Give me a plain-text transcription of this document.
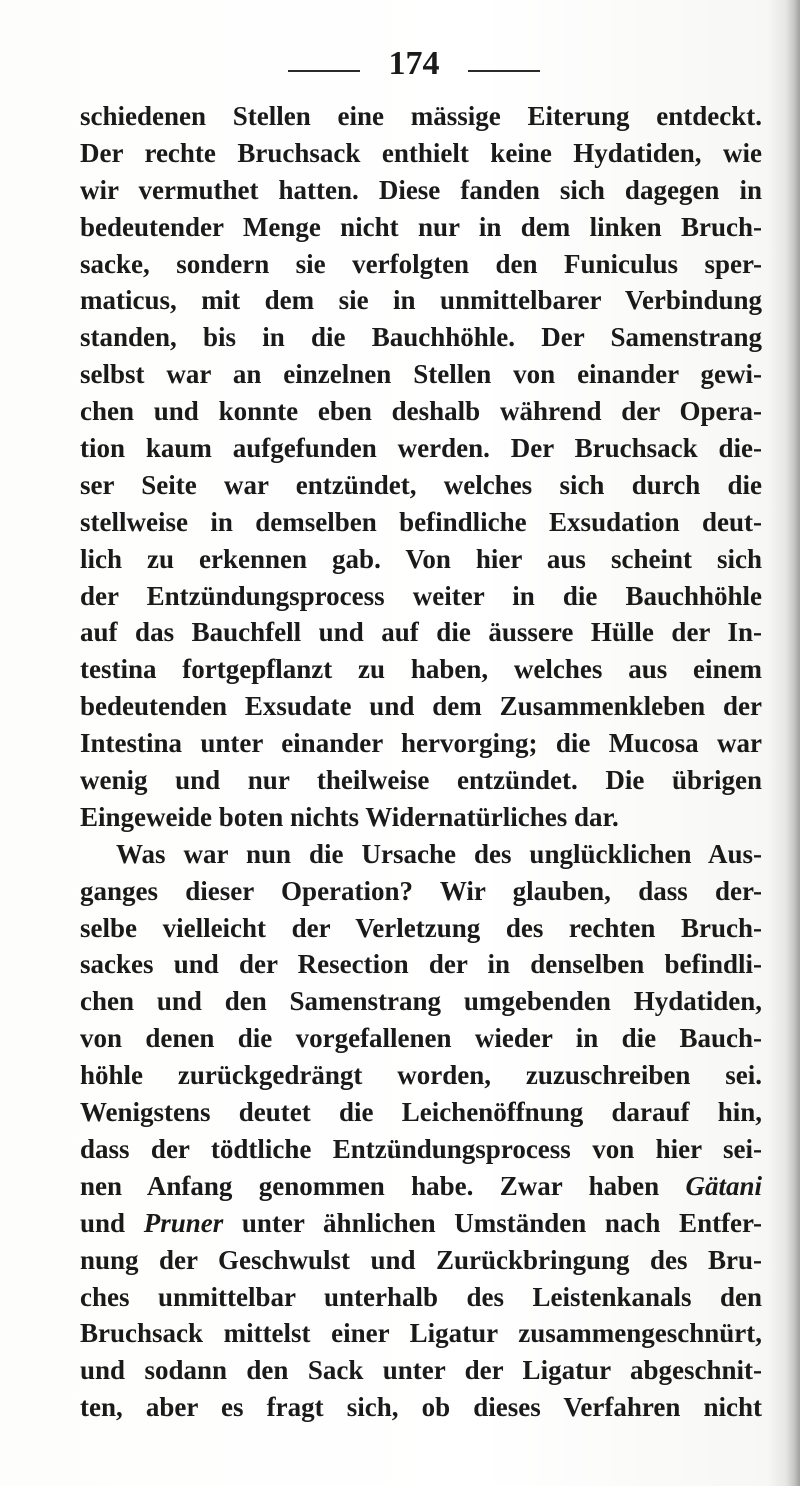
174
schiedenen Stellen eine mässige Eiterung entdeckt.
Der rechte Bruchsack enthielt keine Hydatiden, wie
wir vermuthet hatten. Diese fanden sich dagegen in
bedeutender Menge nicht nur in dem linken Bruch-
sacke, sondern sie verfolgten den Funiculus sper-
maticus, mit dem sie in unmittelbarer Verbindung
standen, bis in die Bauchhöhle. Der Samenstrang
selbst war an einzelnen Stellen von einander gewi-
chen und konnte eben deshalb während der Opera-
tion kaum aufgefunden werden. Der Bruchsack die-
ser Seite war entzündet, welches sich durch die
stellweise in demselben befindliche Exsudation deut-
lich zu erkennen gab. Von hier aus scheint sich
der Entzündungsprocess weiter in die Bauchhöhle
auf das Bauchfell und auf die äussere Hülle der In-
testina fortgepflanzt zu haben, welches aus einem
bedeutenden Exsudate und dem Zusammenkleben der
Intestina unter einander hervorging; die Mucosa war
wenig und nur theilweise entzündet. Die übrigen
Eingeweide boten nichts Widernatürliches dar.
Was war nun die Ursache des unglücklichen Aus-
ganges dieser Operation? Wir glauben, dass der-
selbe vielleicht der Verletzung des rechten Bruch-
sackes und der Resection der in denselben befindli-
chen und den Samenstrang umgebenden Hydatiden,
von denen die vorgefallenen wieder in die Bauch-
höhle zurückgedrängt worden, zuzuschreiben sei.
Wenigstens deutet die Leichenöffnung darauf hin,
dass der tödtliche Entzündungsprocess von hier sei-
nen Anfang genommen habe. Zwar haben Gätani
und Pruner unter ähnlichen Umständen nach Entfer-
nung der Geschwulst und Zurückbringung des Bru-
ches unmittelbar unterhalb des Leistenkanals den
Bruchsack mittelst einer Ligatur zusammengeschnürt,
und sodann den Sack unter der Ligatur abgeschnit-
ten, aber es fragt sich, ob dieses Verfahren nicht
